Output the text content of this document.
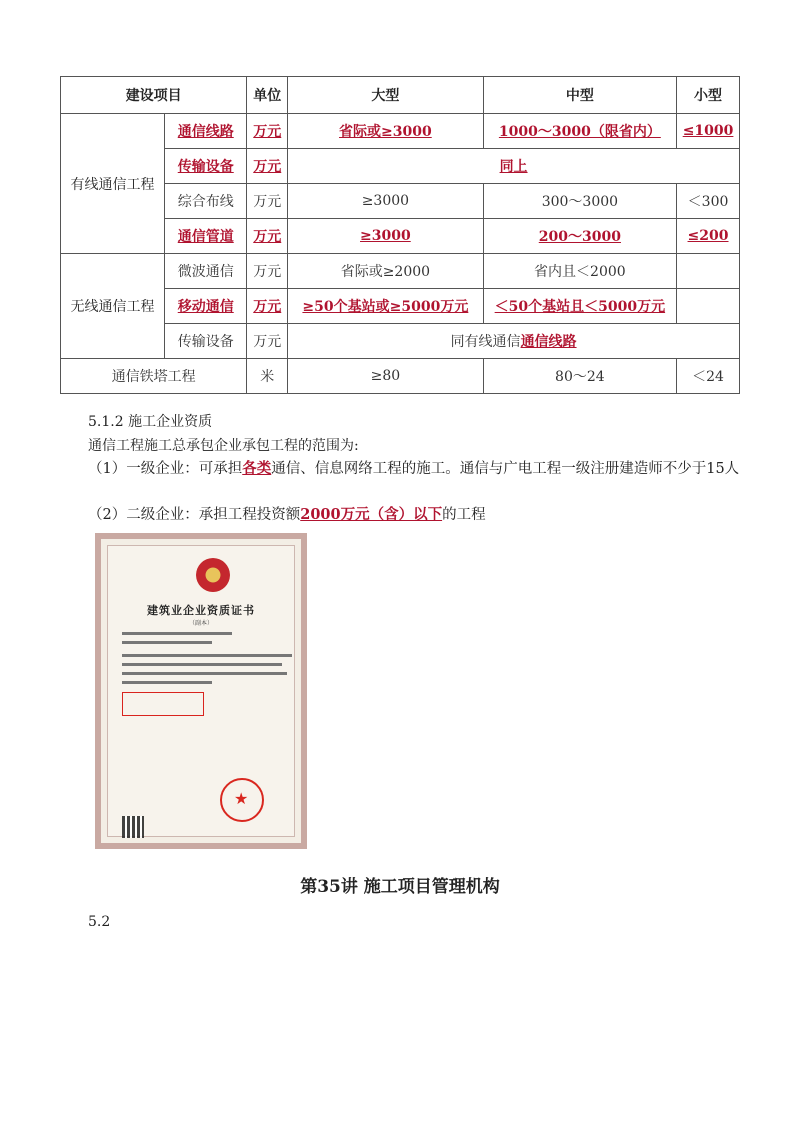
建设项目		单位	大型	中型	小型
有线通信工程	通信线路	万元	省际或≥3000	1000～3000（限省内）	≤1000
	传输设备	万元	同上		
	综合布线	万元	≥3000	300～3000	＜300
	通信管道	万元	≥3000	200～3000	≤200
无线通信工程	微波通信	万元	省际或≥2000	省内且＜2000	
	移动通信	万元	≥50个基站或≥5000万元	＜50个基站且＜5000万元	
	传输设备	万元	同有线通信通信线路		
通信铁塔工程		米	≥80	80～24	＜24
5.1.2 施工企业资质
通信工程施工总承包企业承包工程的范围为:
（1）一级企业：可承担各类通信、信息网络工程的施工。通信与广电工程一级注册建造师不少于15人
（2）二级企业：承担工程投资额2000万元（含）以下的工程
建筑业企业资质证书
（副本）
★
第35讲 施工项目管理机构
5.2
